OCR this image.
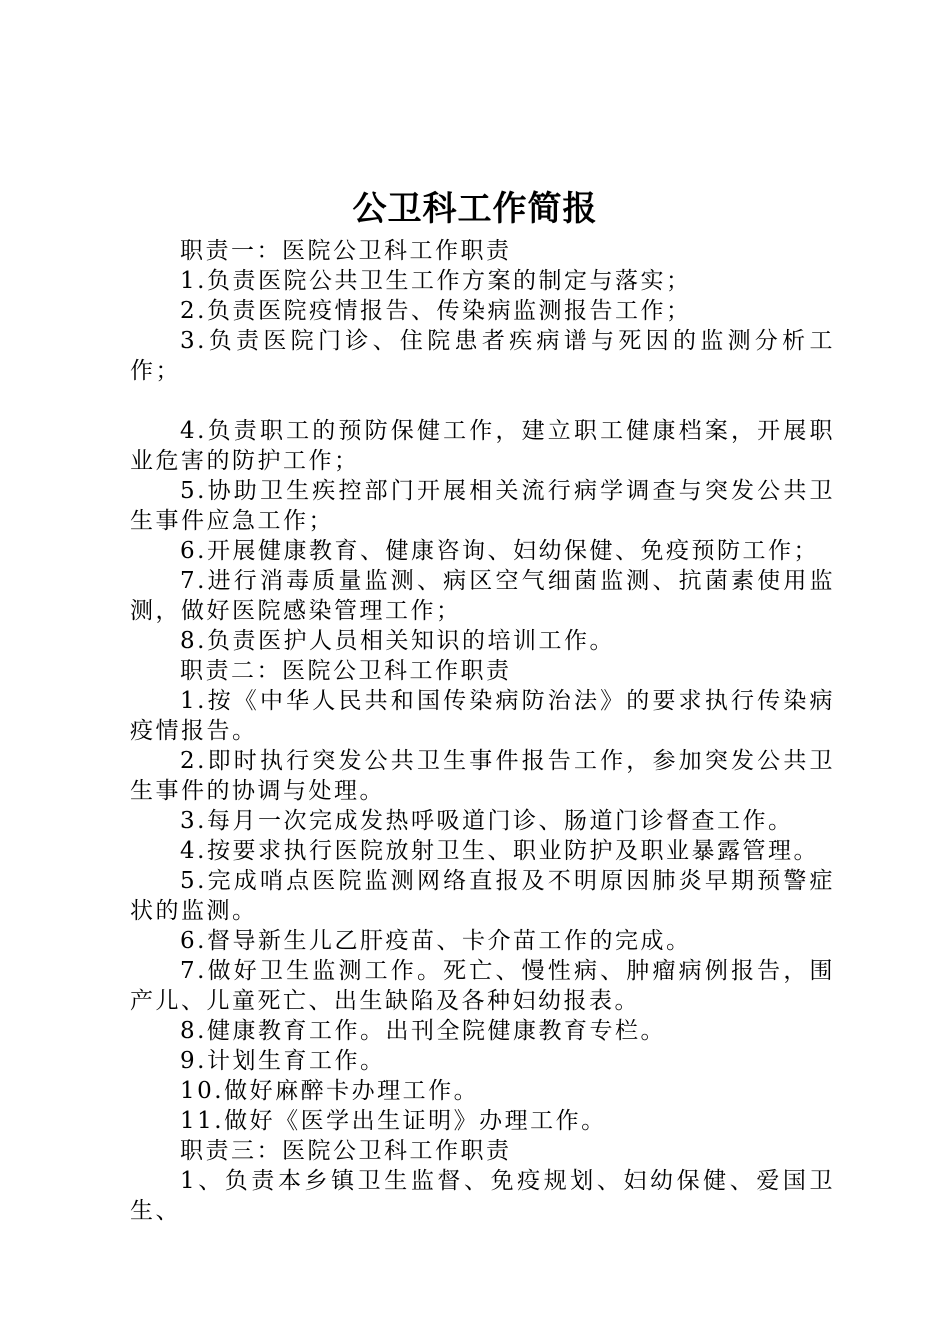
公卫科工作简报

职责一：医院公卫科工作职责

1.负责医院公共卫生工作方案的制定与落实；

2.负责医院疫情报告、传染病监测报告工作；

3.负责医院门诊、住院患者疾病谱与死因的监测分析工作；

4.负责职工的预防保健工作，建立职工健康档案，开展职业危害的防护工作；

5.协助卫生疾控部门开展相关流行病学调查与突发公共卫生事件应急工作；

6.开展健康教育、健康咨询、妇幼保健、免疫预防工作；

7.进行消毒质量监测、病区空气细菌监测、抗菌素使用监测，做好医院感染管理工作；

8.负责医护人员相关知识的培训工作。

职责二：医院公卫科工作职责

1.按《中华人民共和国传染病防治法》的要求执行传染病疫情报告。

2.即时执行突发公共卫生事件报告工作，参加突发公共卫生事件的协调与处理。

3.每月一次完成发热呼吸道门诊、肠道门诊督查工作。

4.按要求执行医院放射卫生、职业防护及职业暴露管理。

5.完成哨点医院监测网络直报及不明原因肺炎早期预警症状的监测。

6.督导新生儿乙肝疫苗、卡介苗工作的完成。

7.做好卫生监测工作。死亡、慢性病、肿瘤病例报告，围产儿、儿童死亡、出生缺陷及各种妇幼报表。

8.健康教育工作。出刊全院健康教育专栏。

9.计划生育工作。

10.做好麻醉卡办理工作。

11.做好《医学出生证明》办理工作。

职责三：医院公卫科工作职责

1、负责本乡镇卫生监督、免疫规划、妇幼保健、爱国卫生、
